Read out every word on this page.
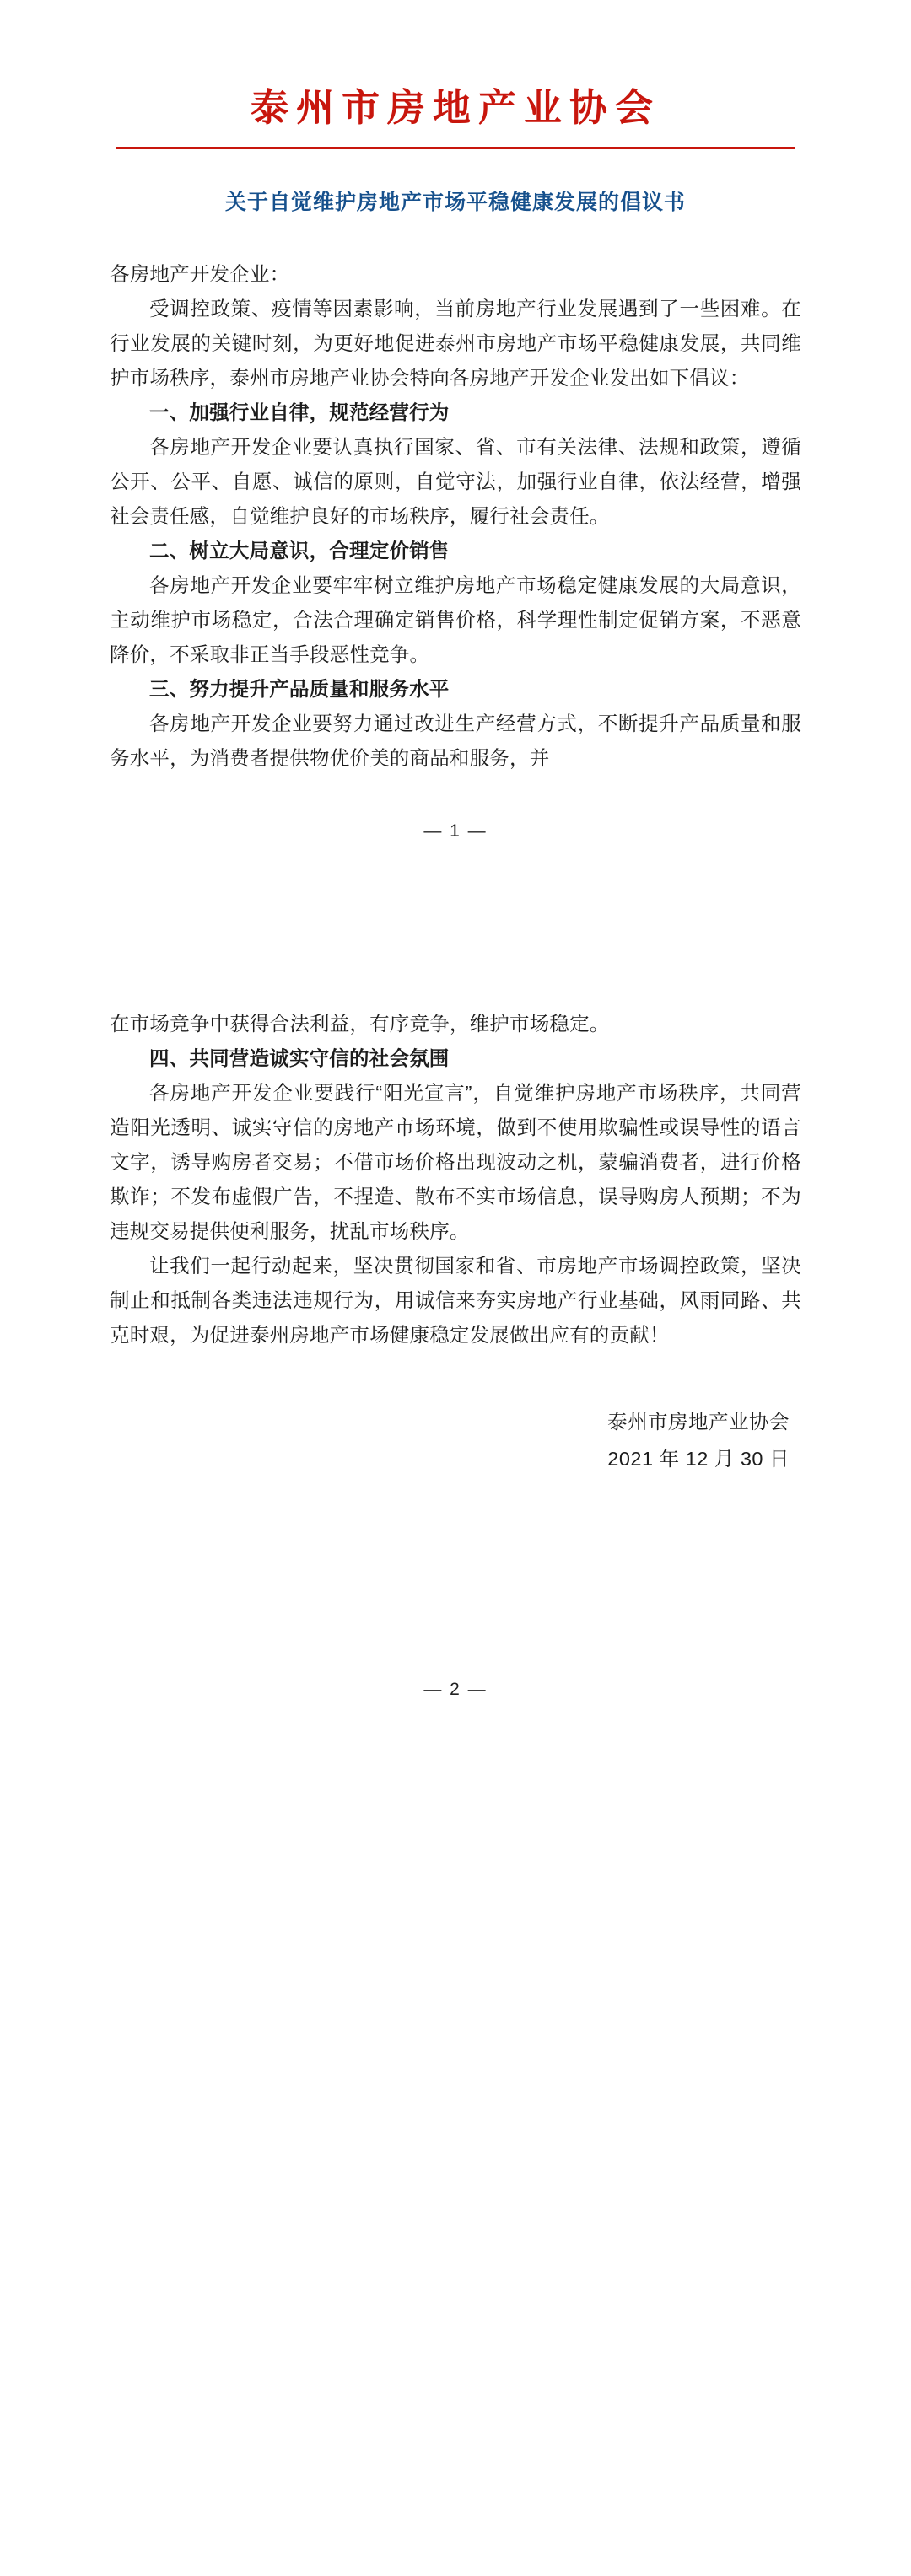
泰州市房地产业协会
关于自觉维护房地产市场平稳健康发展的倡议书

各房地产开发企业：

受调控政策、疫情等因素影响，当前房地产行业发展遇到了一些困难。在行业发展的关键时刻，为更好地促进泰州市房地产市场平稳健康发展，共同维护市场秩序，泰州市房地产业协会特向各房地产开发企业发出如下倡议：

一、加强行业自律，规范经营行为

各房地产开发企业要认真执行国家、省、市有关法律、法规和政策，遵循公开、公平、自愿、诚信的原则，自觉守法，加强行业自律，依法经营，增强社会责任感，自觉维护良好的市场秩序，履行社会责任。

二、树立大局意识，合理定价销售

各房地产开发企业要牢牢树立维护房地产市场稳定健康发展的大局意识，主动维护市场稳定，合法合理确定销售价格，科学理性制定促销方案，不恶意降价，不采取非正当手段恶性竞争。

三、努力提升产品质量和服务水平

各房地产开发企业要努力通过改进生产经营方式，不断提升产品质量和服务水平，为消费者提供物优价美的商品和服务，并

— 1 —

在市场竞争中获得合法利益，有序竞争，维护市场稳定。

四、共同营造诚实守信的社会氛围

各房地产开发企业要践行“阳光宣言”，自觉维护房地产市场秩序，共同营造阳光透明、诚实守信的房地产市场环境，做到不使用欺骗性或误导性的语言文字，诱导购房者交易；不借市场价格出现波动之机，蒙骗消费者，进行价格欺诈；不发布虚假广告，不捏造、散布不实市场信息，误导购房人预期；不为违规交易提供便利服务，扰乱市场秩序。

让我们一起行动起来，坚决贯彻国家和省、市房地产市场调控政策，坚决制止和抵制各类违法违规行为，用诚信来夯实房地产行业基础，风雨同路、共克时艰，为促进泰州房地产市场健康稳定发展做出应有的贡献！

泰州市房地产业协会
2021 年 12 月 30 日
— 2 —
